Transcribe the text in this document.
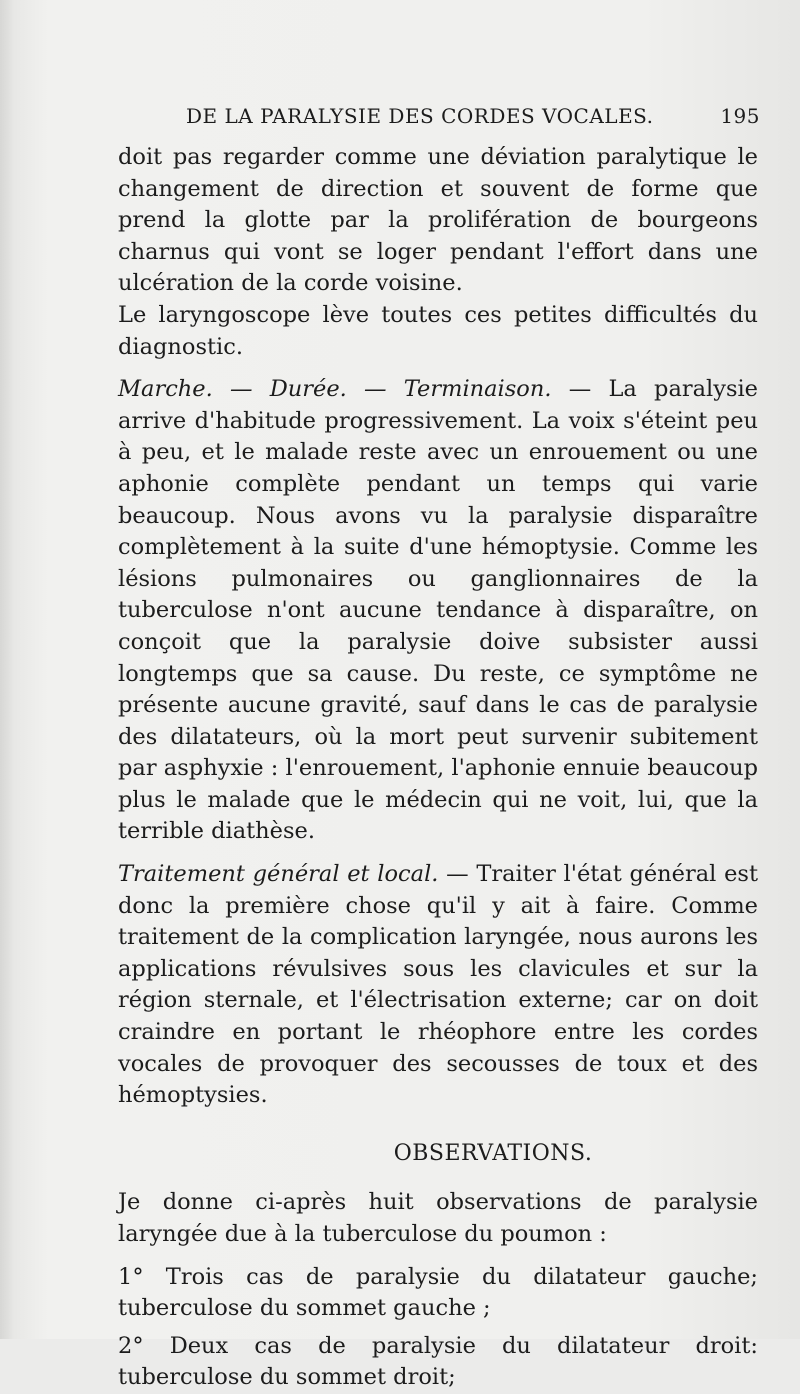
DE LA PARALYSIE DES CORDES VOCALES.	195

doit pas regarder comme une déviation paralytique le changement de direction et souvent de forme que prend la glotte par la prolifération de bourgeons charnus qui vont se loger pendant l'effort dans une ulcération de la corde voisine.

Le laryngoscope lève toutes ces petites difficultés du diagnostic.

Marche. — Durée. — Terminaison. — La paralysie arrive d'habitude progressivement. La voix s'éteint peu à peu, et le malade reste avec un enrouement ou une aphonie complète pendant un temps qui varie beaucoup. Nous avons vu la paralysie disparaître complètement à la suite d'une hémoptysie. Comme les lésions pulmonaires ou ganglionnaires de la tuberculose n'ont aucune tendance à disparaître, on conçoit que la paralysie doive subsister aussi longtemps que sa cause. Du reste, ce symptôme ne présente aucune gravité, sauf dans le cas de paralysie des dilatateurs, où la mort peut survenir subitement par asphyxie : l'enrouement, l'aphonie ennuie beaucoup plus le malade que le médecin qui ne voit, lui, que la terrible diathèse.

Traitement général et local. — Traiter l'état général est donc la première chose qu'il y ait à faire. Comme traitement de la complication laryngée, nous aurons les applications révulsives sous les clavicules et sur la région sternale, et l'électrisation externe; car on doit craindre en portant le rhéophore entre les cordes vocales de provoquer des secousses de toux et des hémoptysies.

OBSERVATIONS.

Je donne ci-après huit observations de paralysie laryngée due à la tuberculose du poumon :

1° Trois cas de paralysie du dilatateur gauche; tuberculose du sommet gauche ;

2° Deux cas de paralysie du dilatateur droit: tuberculose du sommet droit;
